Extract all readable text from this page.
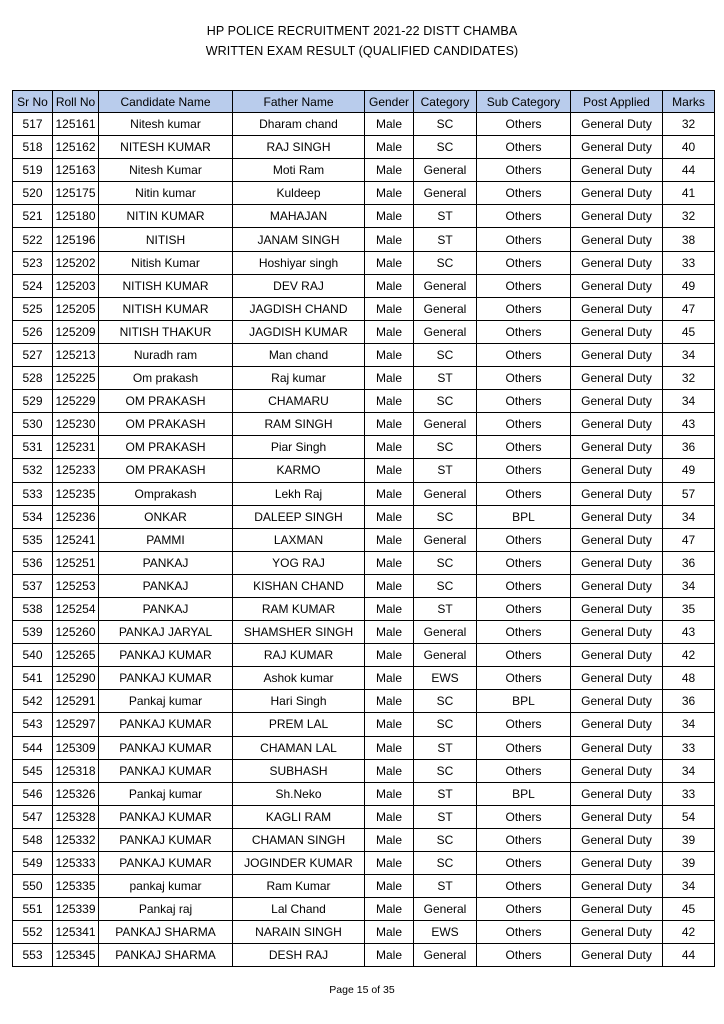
HP POLICE RECRUITMENT 2021-22 DISTT CHAMBA
WRITTEN EXAM RESULT (QUALIFIED CANDIDATES)
Sr No	Roll No	Candidate Name	Father Name	Gender	Category	Sub Category	Post Applied	Marks
517	125161	Nitesh kumar	Dharam chand	Male	SC	Others	General Duty	32
518	125162	NITESH KUMAR	RAJ SINGH	Male	SC	Others	General Duty	40
519	125163	Nitesh Kumar	Moti Ram	Male	General	Others	General Duty	44
520	125175	Nitin kumar	Kuldeep	Male	General	Others	General Duty	41
521	125180	NITIN KUMAR	MAHAJAN	Male	ST	Others	General Duty	32
522	125196	NITISH	JANAM SINGH	Male	ST	Others	General Duty	38
523	125202	Nitish Kumar	Hoshiyar singh	Male	SC	Others	General Duty	33
524	125203	NITISH KUMAR	DEV RAJ	Male	General	Others	General Duty	49
525	125205	NITISH KUMAR	JAGDISH CHAND	Male	General	Others	General Duty	47
526	125209	NITISH THAKUR	JAGDISH KUMAR	Male	General	Others	General Duty	45
527	125213	Nuradh ram	Man chand	Male	SC	Others	General Duty	34
528	125225	Om prakash	Raj kumar	Male	ST	Others	General Duty	32
529	125229	OM PRAKASH	CHAMARU	Male	SC	Others	General Duty	34
530	125230	OM PRAKASH	RAM SINGH	Male	General	Others	General Duty	43
531	125231	OM PRAKASH	Piar Singh	Male	SC	Others	General Duty	36
532	125233	OM PRAKASH	KARMO	Male	ST	Others	General Duty	49
533	125235	Omprakash	Lekh Raj	Male	General	Others	General Duty	57
534	125236	ONKAR	DALEEP SINGH	Male	SC	BPL	General Duty	34
535	125241	PAMMI	LAXMAN	Male	General	Others	General Duty	47
536	125251	PANKAJ	YOG RAJ	Male	SC	Others	General Duty	36
537	125253	PANKAJ	KISHAN CHAND	Male	SC	Others	General Duty	34
538	125254	PANKAJ	RAM KUMAR	Male	ST	Others	General Duty	35
539	125260	PANKAJ JARYAL	SHAMSHER SINGH	Male	General	Others	General Duty	43
540	125265	PANKAJ KUMAR	RAJ KUMAR	Male	General	Others	General Duty	42
541	125290	PANKAJ KUMAR	Ashok kumar	Male	EWS	Others	General Duty	48
542	125291	Pankaj kumar	Hari Singh	Male	SC	BPL	General Duty	36
543	125297	PANKAJ KUMAR	PREM LAL	Male	SC	Others	General Duty	34
544	125309	PANKAJ KUMAR	CHAMAN LAL	Male	ST	Others	General Duty	33
545	125318	PANKAJ KUMAR	SUBHASH	Male	SC	Others	General Duty	34
546	125326	Pankaj kumar	Sh.Neko	Male	ST	BPL	General Duty	33
547	125328	PANKAJ KUMAR	KAGLI RAM	Male	ST	Others	General Duty	54
548	125332	PANKAJ KUMAR	CHAMAN SINGH	Male	SC	Others	General Duty	39
549	125333	PANKAJ KUMAR	JOGINDER KUMAR	Male	SC	Others	General Duty	39
550	125335	pankaj kumar	Ram Kumar	Male	ST	Others	General Duty	34
551	125339	Pankaj raj	Lal Chand	Male	General	Others	General Duty	45
552	125341	PANKAJ SHARMA	NARAIN SINGH	Male	EWS	Others	General Duty	42
553	125345	PANKAJ SHARMA	DESH RAJ	Male	General	Others	General Duty	44
Page 15 of 35
